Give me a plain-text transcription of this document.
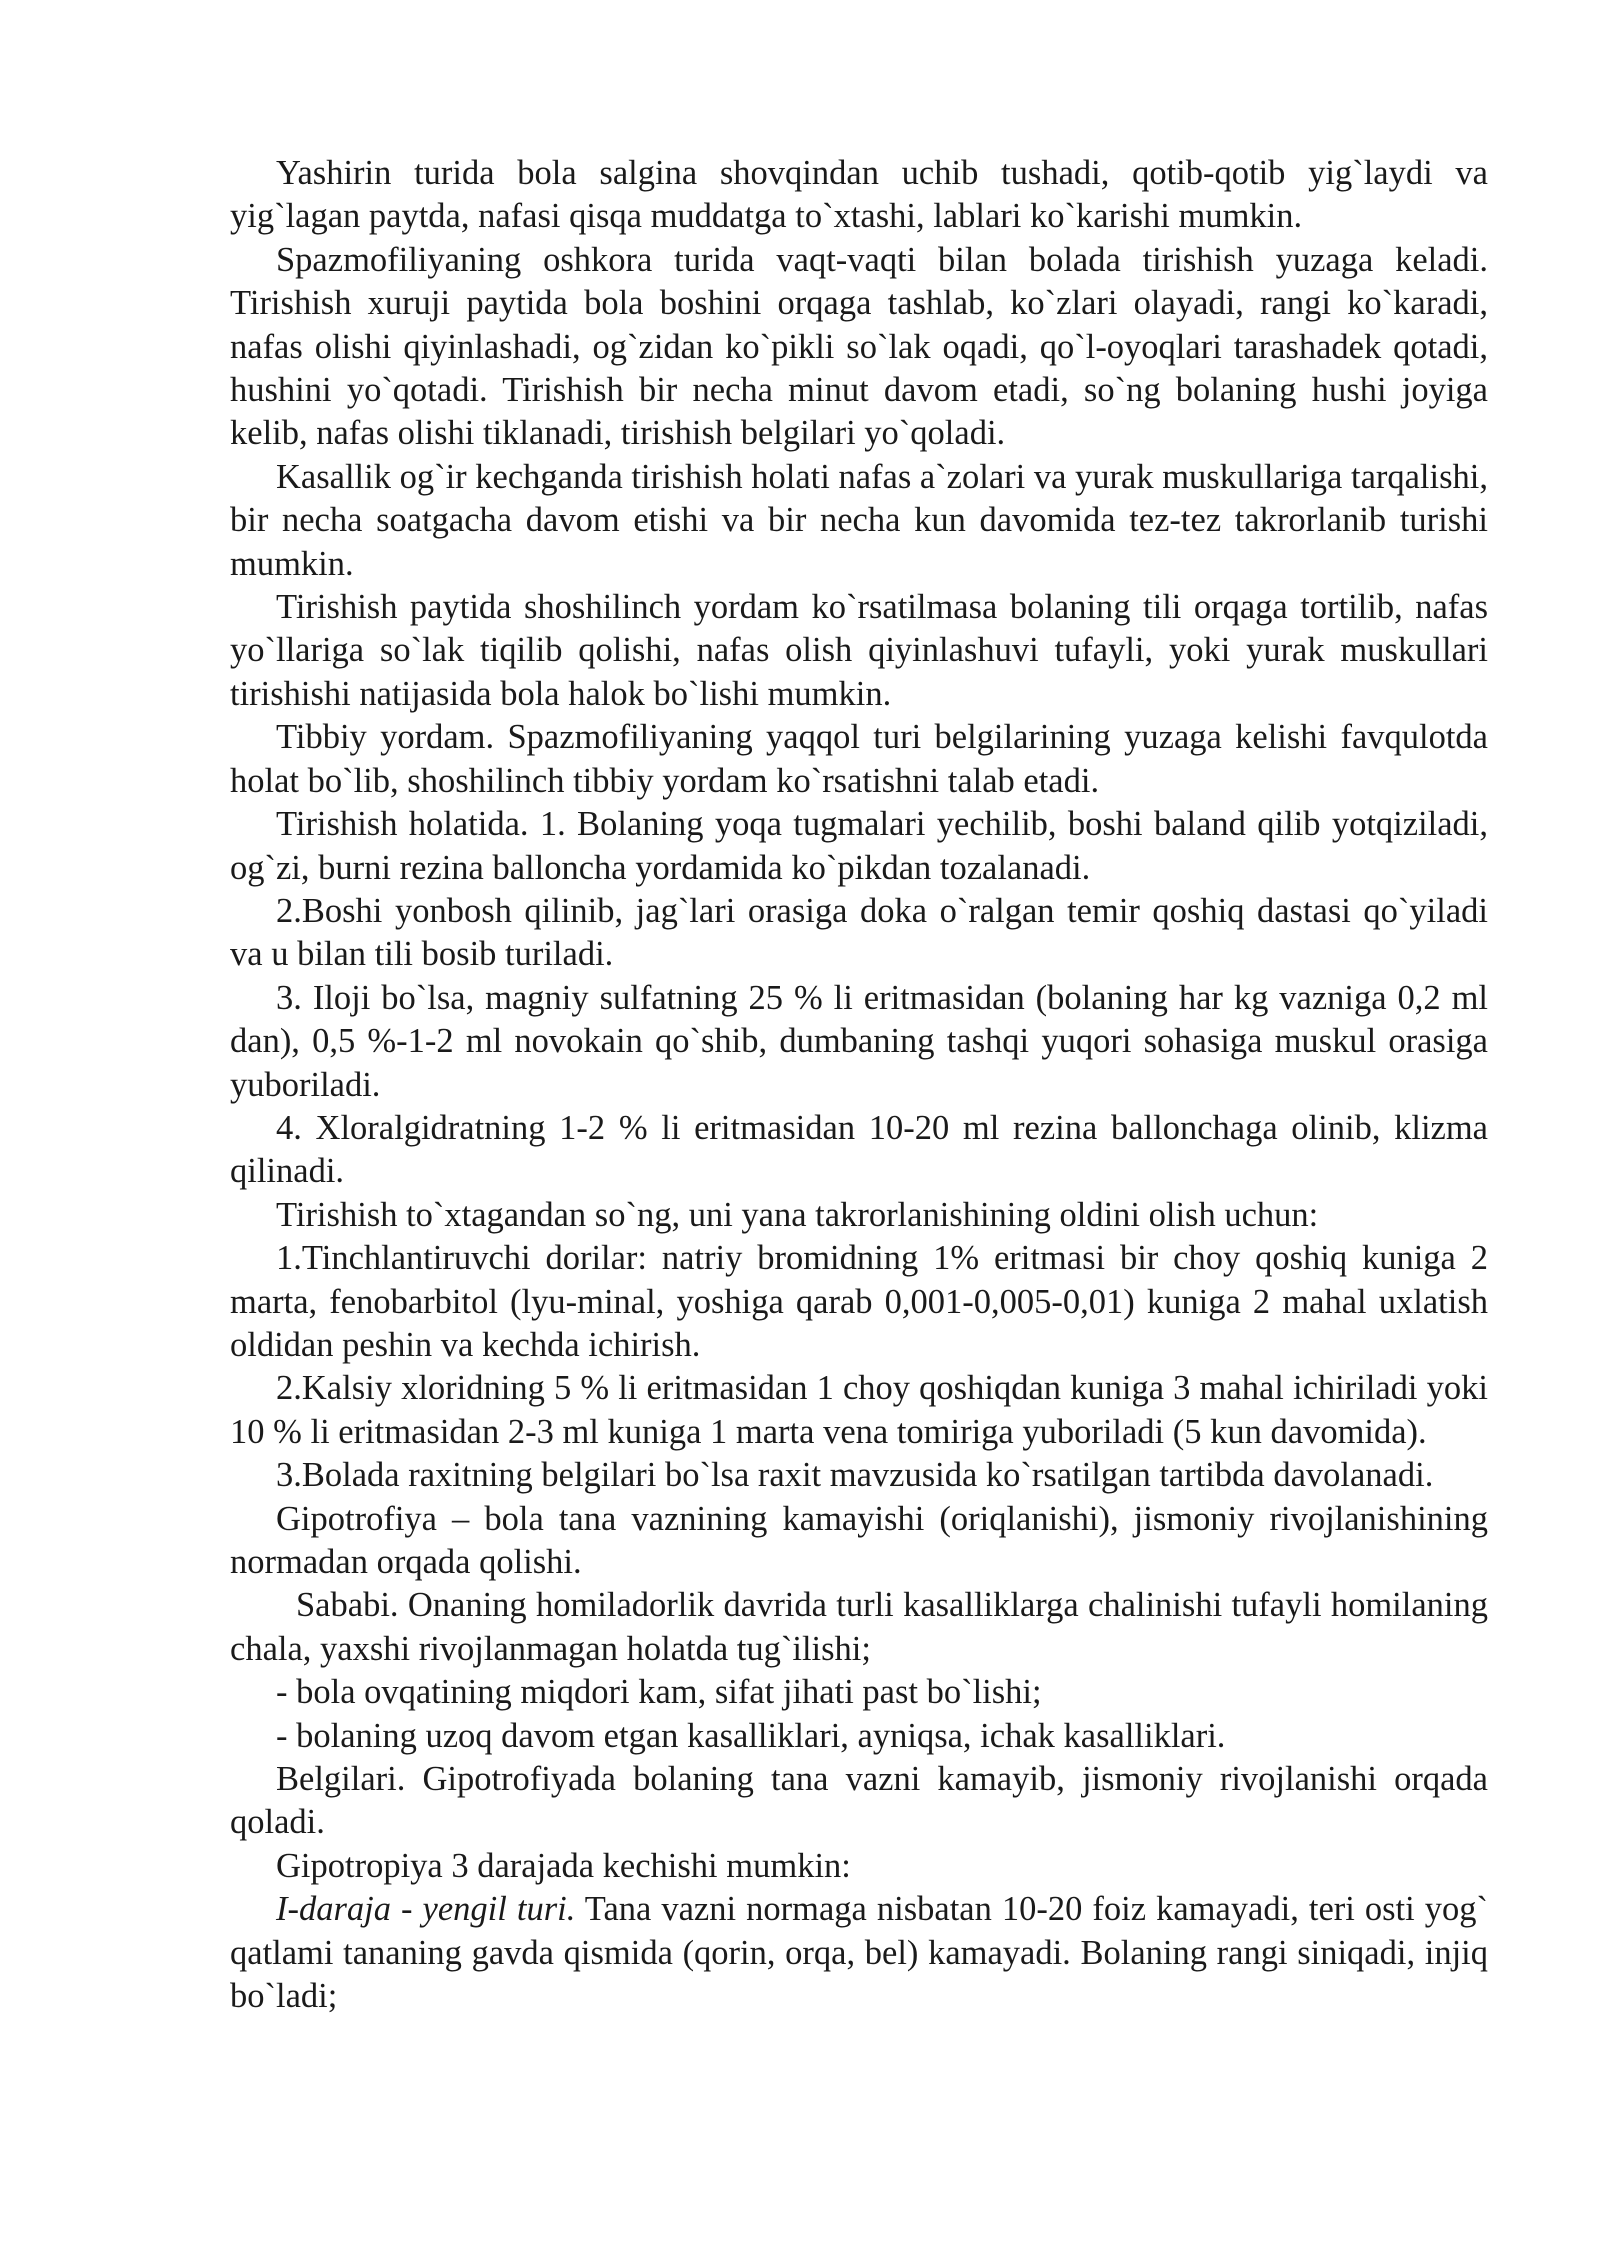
Yashirin turida bola salgina shovqindan uchib tushadi, qotib-qotib yig`laydi va yig`lagan paytda, nafasi qisqa muddatga to`xtashi, lablari ko`karishi mumkin.

Spazmofiliyaning oshkora turida vaqt-vaqti bilan bolada tirishish yuzaga keladi. Tirishish xuruji paytida bola boshini orqaga tashlab, ko`zlari olayadi, rangi ko`karadi, nafas olishi qiyinlashadi, og`zidan ko`pikli so`lak oqadi, qo`l-oyoqlari tarashadek qotadi, hushini yo`qotadi. Tirishish bir necha minut davom etadi, so`ng bolaning hushi joyiga kelib, nafas olishi tiklanadi, tirishish belgilari yo`qoladi.

Kasallik og`ir kechganda tirishish holati nafas a`zolari va yurak muskullariga tarqalishi, bir necha soatgacha davom etishi va bir necha kun davomida tez-tez takrorlanib turishi mumkin.

Tirishish paytida shoshilinch yordam ko`rsatilmasa bolaning tili orqaga tortilib, nafas yo`llariga so`lak tiqilib qolishi, nafas olish qiyinlashuvi tufayli, yoki yurak muskullari tirishishi natijasida bola halok bo`lishi mumkin.

Tibbiy yordam. Spazmofiliyaning yaqqol turi belgilarining yuzaga kelishi favqulotda holat bo`lib, shoshilinch tibbiy yordam ko`rsatishni talab etadi.

Tirishish holatida. 1. Bolaning yoqa tugmalari yechilib, boshi baland qilib yotqiziladi, og`zi, burni rezina balloncha yordamida ko`pikdan tozalanadi.

2.Boshi yonbosh qilinib, jag`lari orasiga doka o`ralgan temir qoshiq dastasi qo`yiladi va u bilan tili bosib turiladi.

3. Iloji bo`lsa, magniy sulfatning 25 % li eritmasidan (bolaning har kg vazniga 0,2 ml dan), 0,5 %-1-2 ml novokain qo`shib, dumbaning tashqi yuqori sohasiga muskul orasiga yuboriladi.

4. Xloralgidratning 1-2 % li eritmasidan 10-20 ml rezina ballonchaga olinib, klizma qilinadi.

Tirishish to`xtagandan so`ng, uni yana takrorlanishining oldini olish uchun:

1.Tinchlantiruvchi dorilar: natriy bromidning 1% eritmasi bir choy qoshiq kuniga 2 marta, fenobarbitol (lyu-minal, yoshiga qarab 0,001-0,005-0,01) kuniga 2 mahal uxlatish oldidan peshin va kechda ichirish.

2.Kalsiy xloridning 5 % li eritmasidan 1 choy qoshiqdan kuniga 3 mahal ichiriladi yoki 10 % li eritmasidan 2-3 ml kuniga 1 marta vena tomiriga yuboriladi (5 kun davomida).

3.Bolada raxitning belgilari bo`lsa raxit mavzusida ko`rsatilgan tartibda davolanadi.

Gipotrofiya – bola tana vaznining kamayishi (oriqlanishi), jismoniy rivojlanishining normadan orqada qolishi.

Sababi. Onaning homiladorlik davrida turli kasalliklarga chalinishi tufayli homilaning chala, yaxshi rivojlanmagan holatda tug`ilishi;

- bola ovqatining miqdori kam, sifat jihati past bo`lishi;

- bolaning uzoq davom etgan kasalliklari, ayniqsa, ichak kasalliklari.

Belgilari. Gipotrofiyada bolaning tana vazni kamayib, jismoniy rivojlanishi orqada qoladi.

Gipotropiya 3 darajada kechishi mumkin:

I-daraja - yengil turi. Tana vazni normaga nisbatan 10-20 foiz kamayadi, teri osti yog` qatlami tananing gavda qismida (qorin, orqa, bel) kamayadi. Bolaning rangi siniqadi, injiq bo`ladi;
